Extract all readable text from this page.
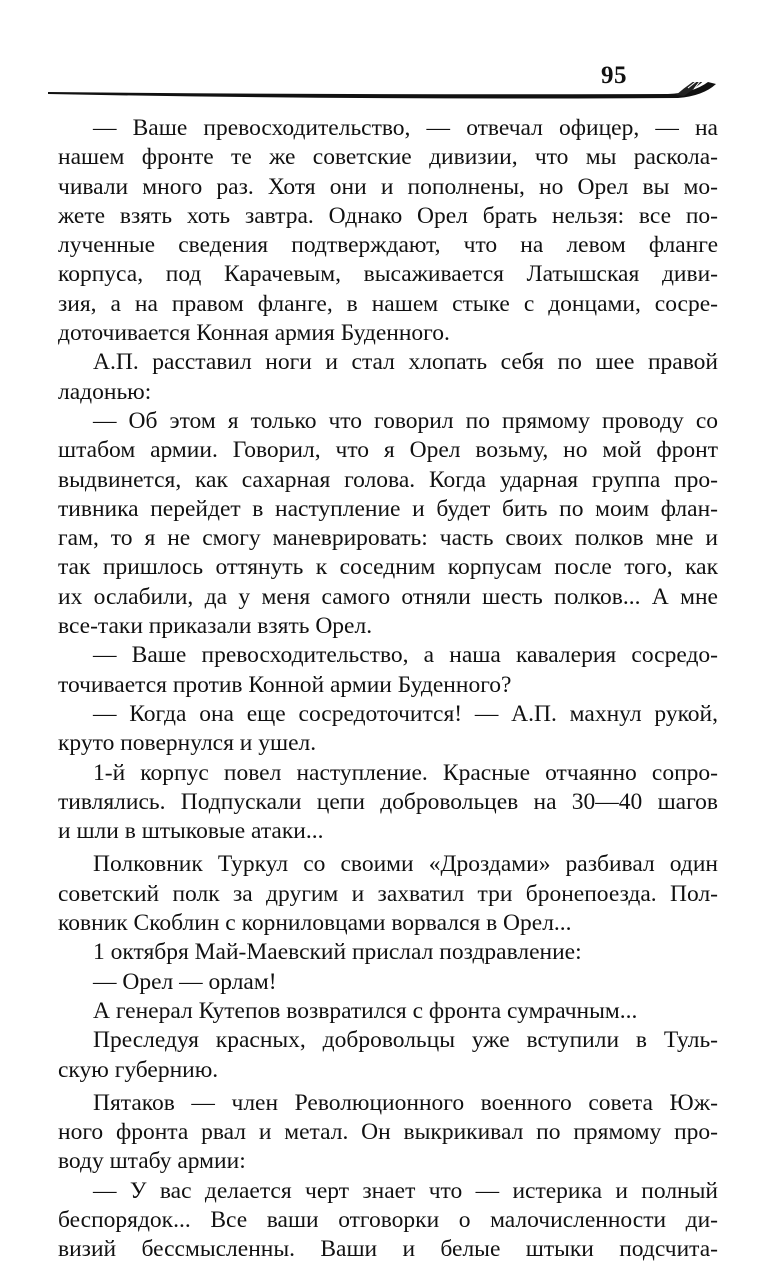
95
— Ваше превосходительство, — отвечал офицер, — на
нашем фронте те же советские дивизии, что мы расколa-
чивали много раз. Хотя они и пополнены, но Орел вы мо-
жете взять хоть завтра. Однако Орел брать нельзя: все по-
лученные сведения подтверждают, что на левом фланге
корпуса, под Карачевым, высаживается Латышская диви-
зия, а на правом фланге, в нашем стыке с донцами, сосре-
доточивается Конная армия Буденного.
А.П. расставил ноги и стал хлопать себя по шее правой
ладонью:
— Об этом я только что говорил по прямому проводу со
штабом армии. Говорил, что я Орел возьму, но мой фронт
выдвинется, как сахарная голова. Когда ударная группа про-
тивника перейдет в наступление и будет бить по моим флан-
гам, то я не смогу маневрировать: часть своих полков мне и
так пришлось оттянуть к соседним корпусам после того, как
их ослабили, да у меня самого отняли шесть полков... А мне
все-таки приказали взять Орел.
— Ваше превосходительство, а наша кавалерия сосредо-
точивается против Конной армии Буденного?
— Когда она еще сосредоточится! — А.П. махнул рукой,
круто повернулся и ушел.
1-й корпус повел наступление. Красные отчаянно сопро-
тивлялись. Подпускали цепи добровольцев на 30—40 шагов
и шли в штыковые атаки...
Полковник Туркул со своими «Дроздами» разбивал один
советский полк за другим и захватил три бронепоезда. Пол-
ковник Скоблин с корниловцами ворвался в Орел...
1 октября Май-Маевский прислал поздравление:
— Орел — орлам!
А генерал Кутепов возвратился с фронта сумрачным...
Преследуя красных, добровольцы уже вступили в Туль-
скую губернию.
Пятаков — член Революционного военного совета Юж-
ного фронта рвал и метал. Он выкрикивал по прямому про-
воду штабу армии:
— У вас делается черт знает что — истерика и полный
беспорядок... Все ваши отговорки о малочисленности ди-
визий бессмысленны. Ваши и белые штыки подсчита-
